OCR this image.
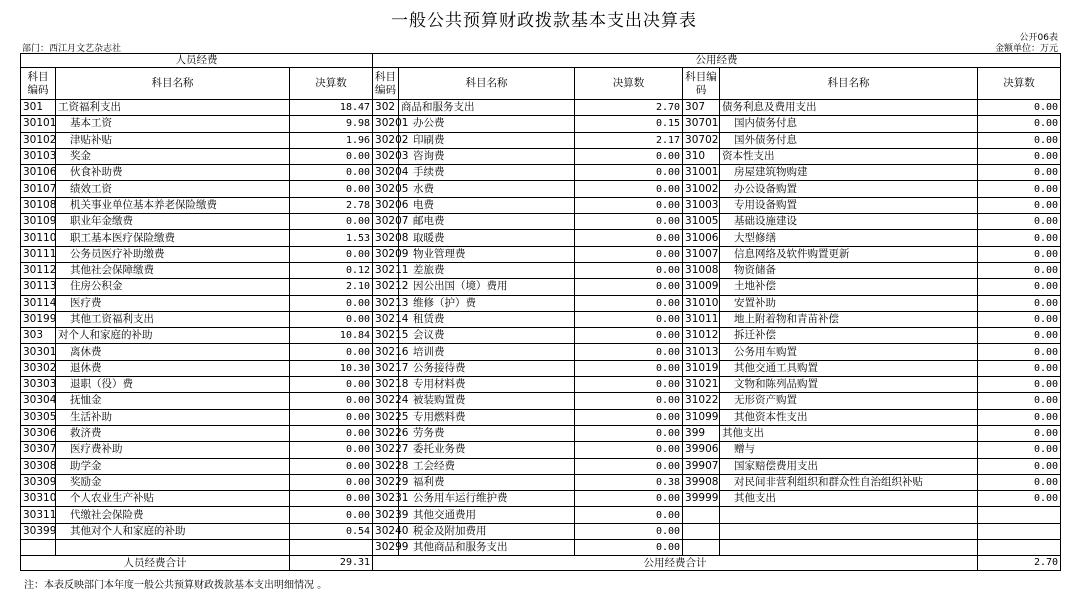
一般公共预算财政拨款基本支出决算表
公开06表
部门：西江月文艺杂志社	金额单位：万元
人员经费			公用经费					
科目编码	科目名称	决算数	科目编码	科目名称	决算数	科目编码	科目名称	决算数
301	工资福利支出	18.47	302	商品和服务支出	2.70	307	债务利息及费用支出	0.00
30101	基本工资	9.98	30201	办公费	0.15	30701	国内债务付息	0.00
30102	津贴补贴	1.96	30202	印刷费	2.17	30702	国外债务付息	0.00
30103	奖金	0.00	30203	咨询费	0.00	310	资本性支出	0.00
30106	伙食补助费	0.00	30204	手续费	0.00	31001	房屋建筑物购建	0.00
30107	绩效工资	0.00	30205	水费	0.00	31002	办公设备购置	0.00
30108	机关事业单位基本养老保险缴费	2.78	30206	电费	0.00	31003	专用设备购置	0.00
30109	职业年金缴费	0.00	30207	邮电费	0.00	31005	基础设施建设	0.00
30110	职工基本医疗保险缴费	1.53	30208	取暖费	0.00	31006	大型修缮	0.00
30111	公务员医疗补助缴费	0.00	30209	物业管理费	0.00	31007	信息网络及软件购置更新	0.00
30112	其他社会保障缴费	0.12	30211	差旅费	0.00	31008	物资储备	0.00
30113	住房公积金	2.10	30212	因公出国（境）费用	0.00	31009	土地补偿	0.00
30114	医疗费	0.00	30213	维修（护）费	0.00	31010	安置补助	0.00
30199	其他工资福利支出	0.00	30214	租赁费	0.00	31011	地上附着物和青苗补偿	0.00
303	对个人和家庭的补助	10.84	30215	会议费	0.00	31012	拆迁补偿	0.00
30301	离休费	0.00	30216	培训费	0.00	31013	公务用车购置	0.00
30302	退休费	10.30	30217	公务接待费	0.00	31019	其他交通工具购置	0.00
30303	退职（役）费	0.00	30218	专用材料费	0.00	31021	文物和陈列品购置	0.00
30304	抚恤金	0.00	30224	被装购置费	0.00	31022	无形资产购置	0.00
30305	生活补助	0.00	30225	专用燃料费	0.00	31099	其他资本性支出	0.00
30306	救济费	0.00	30226	劳务费	0.00	399	其他支出	0.00
30307	医疗费补助	0.00	30227	委托业务费	0.00	39906	赠与	0.00
30308	助学金	0.00	30228	工会经费	0.00	39907	国家赔偿费用支出	0.00
30309	奖励金	0.00	30229	福利费	0.38	39908	对民间非营利组织和群众性自治组织补贴	0.00
30310	个人农业生产补贴	0.00	30231	公务用车运行维护费	0.00	39999	其他支出	0.00
30311	代缴社会保险费	0.00	30239	其他交通费用	0.00			
30399	其他对个人和家庭的补助	0.54	30240	税金及附加费用	0.00			
			30299	其他商品和服务支出	0.00			
人员经费合计		29.31	公用经费合计					2.70
注：本表反映部门本年度一般公共预算财政拨款基本支出明细情况 。
